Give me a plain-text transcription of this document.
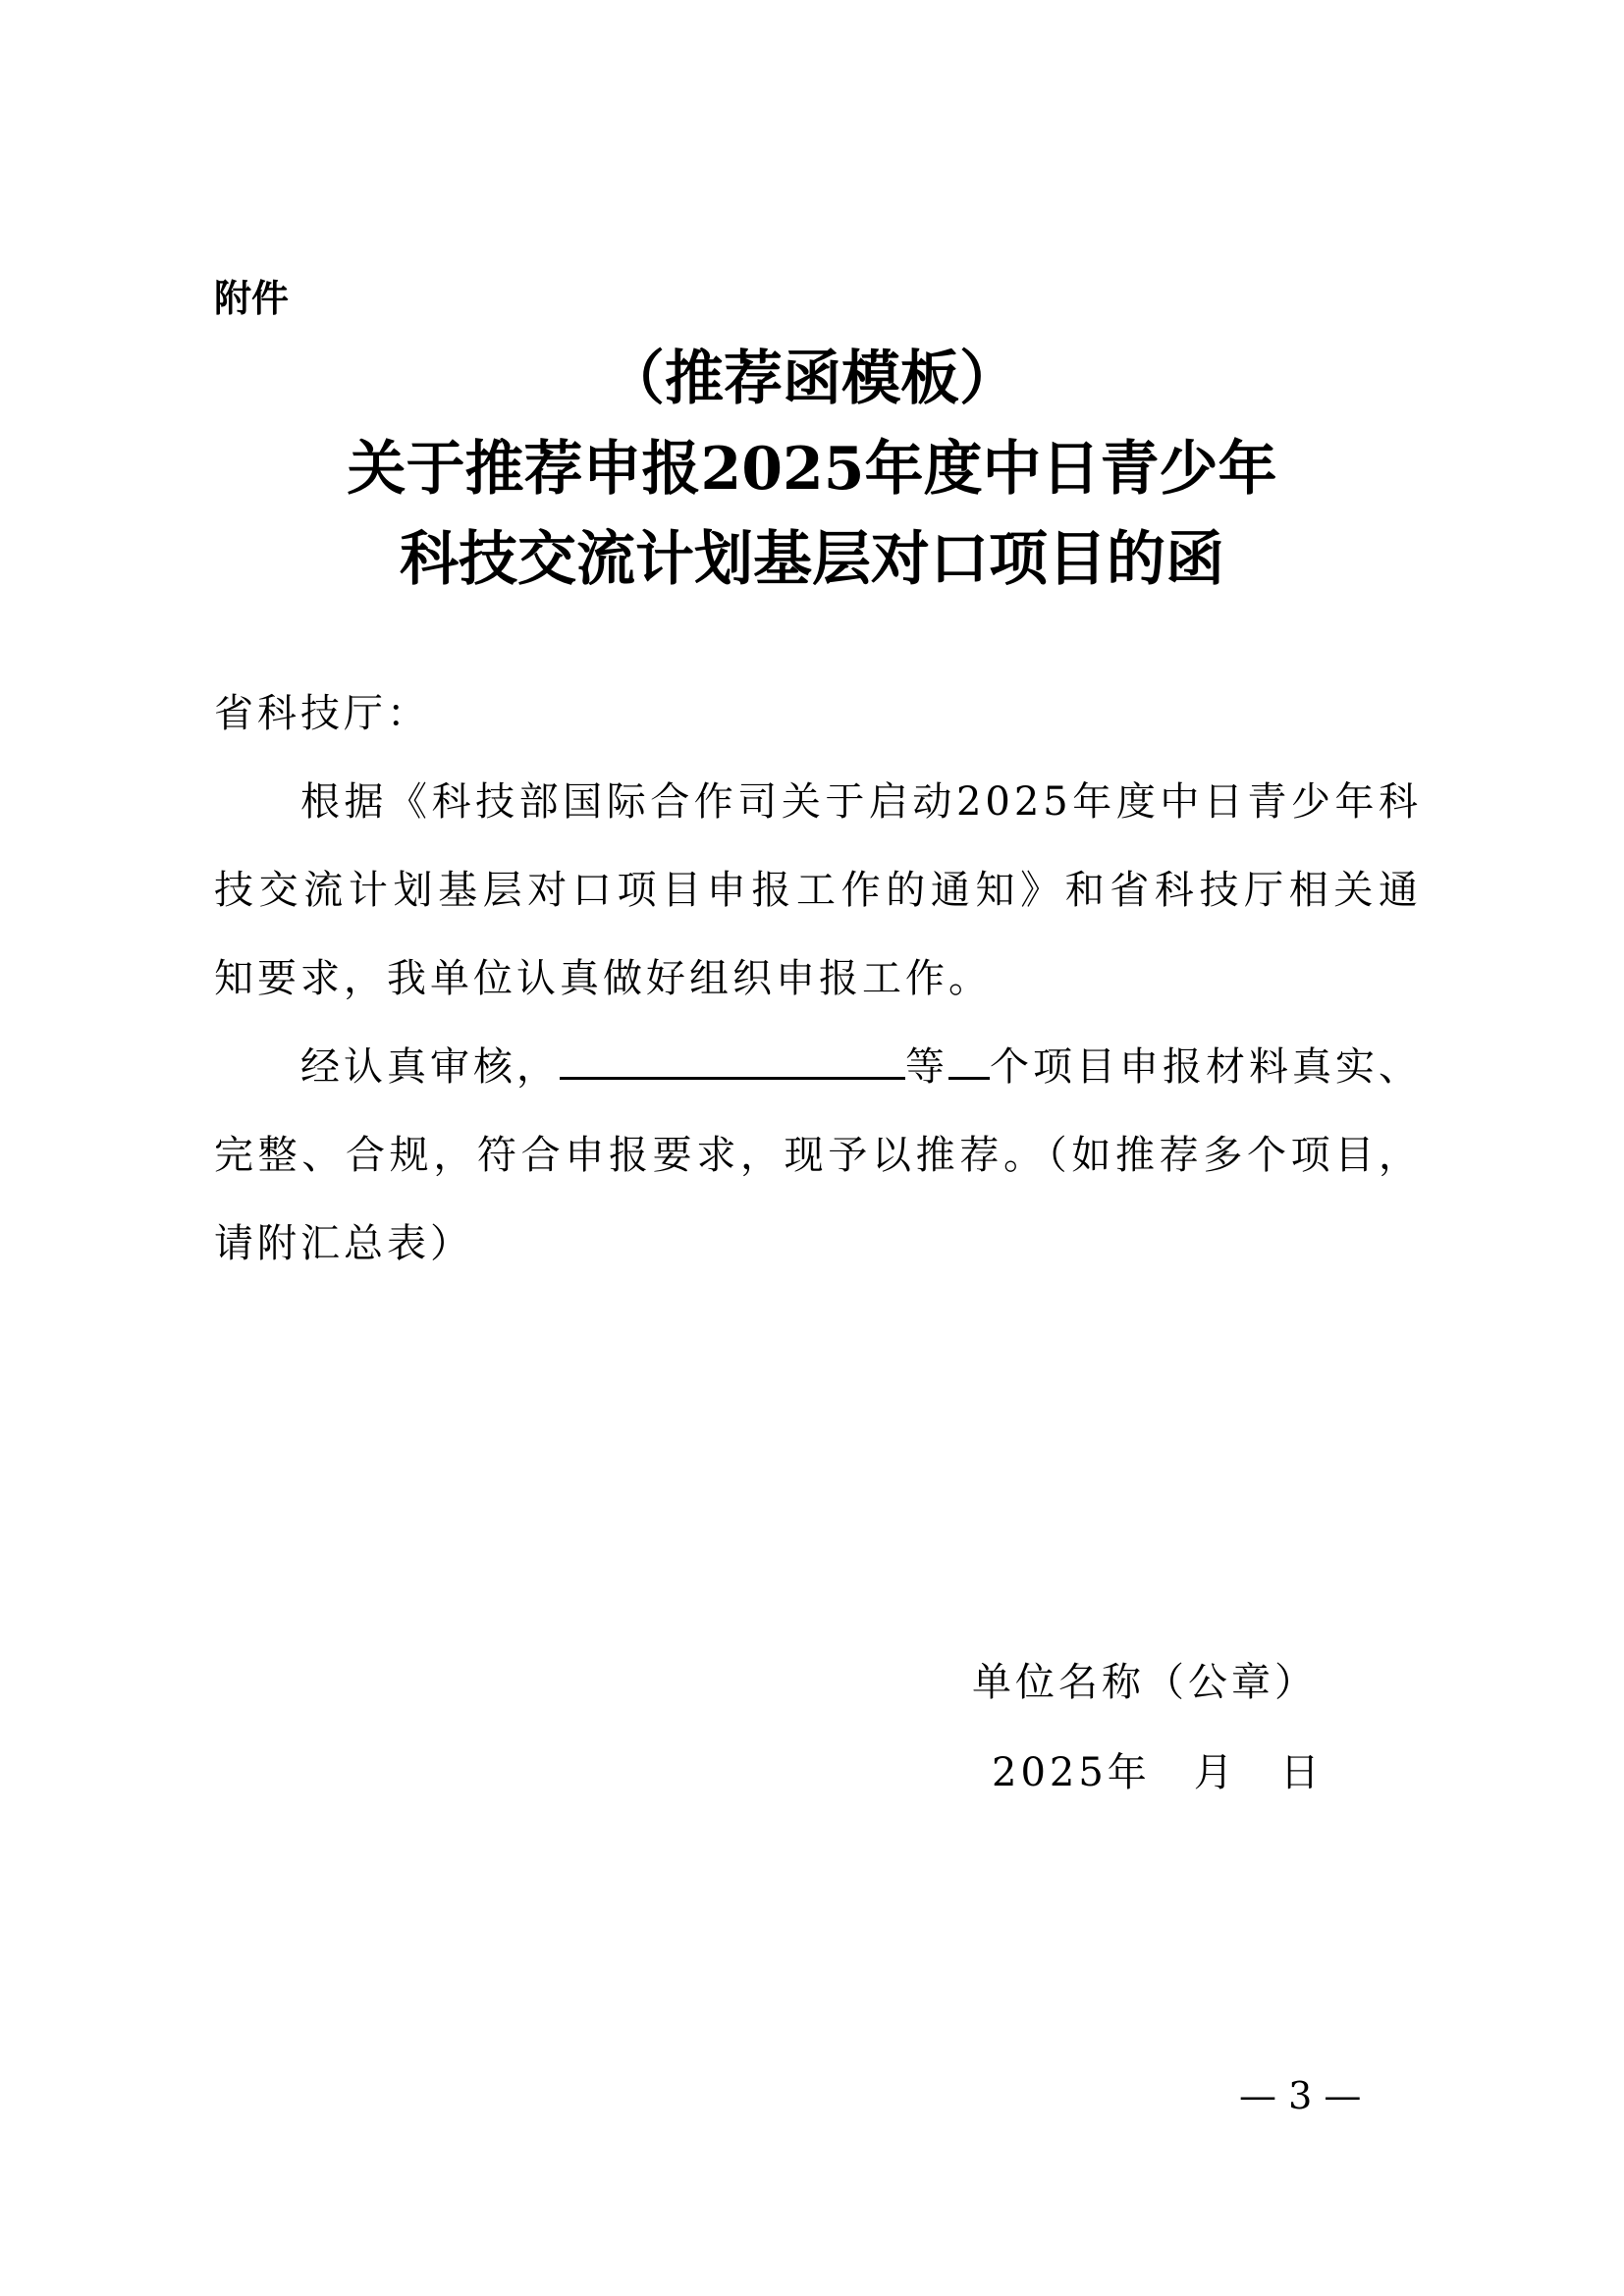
附件
（推荐函模板）
关于推荐申报2025年度中日青少年
科技交流计划基层对口项目的函

省科技厅：

根据《科技部国际合作司关于启动2025年度中日青少年科技交流计划基层对口项目申报工作的通知》和省科技厅相关通知要求，我单位认真做好组织申报工作。

经认真审核，	等 个项目申报材料真实、完整、合规，符合申报要求，现予以推荐。（如推荐多个项目，请附汇总表）

单位名称（公章）
2025年　月　日
— 3 —
